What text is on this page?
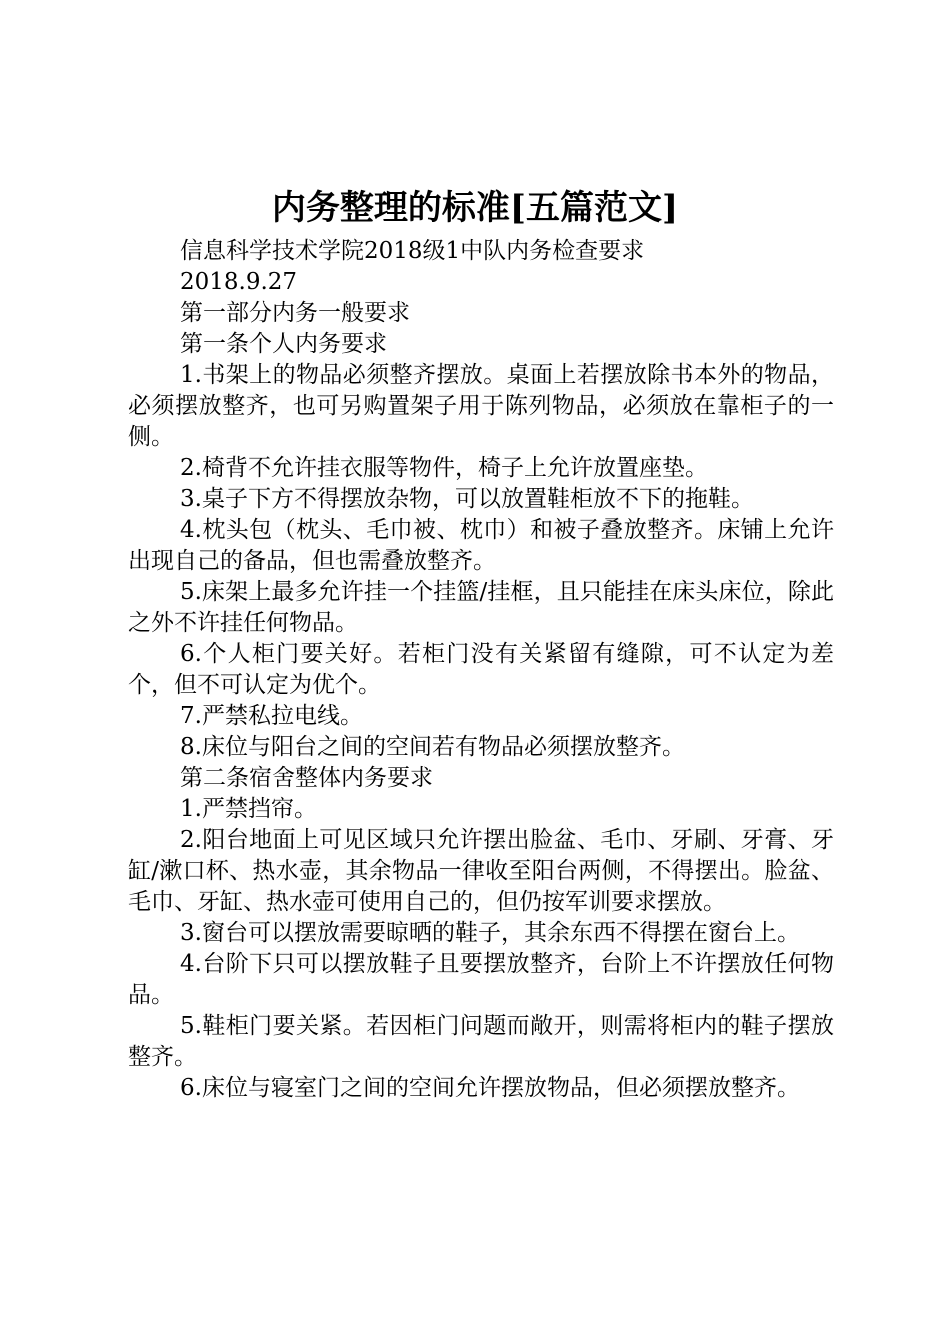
内务整理的标准[五篇范文]

信息科学技术学院2018级1中队内务检查要求

2018.9.27

第一部分内务一般要求

第一条个人内务要求

1.书架上的物品必须整齐摆放。桌面上若摆放除书本外的物品，必须摆放整齐，也可另购置架子用于陈列物品，必须放在靠柜子的一侧。

2.椅背不允许挂衣服等物件，椅子上允许放置座垫。

3.桌子下方不得摆放杂物，可以放置鞋柜放不下的拖鞋。

4.枕头包（枕头、毛巾被、枕巾）和被子叠放整齐。床铺上允许出现自己的备品，但也需叠放整齐。

5.床架上最多允许挂一个挂篮/挂框，且只能挂在床头床位，除此之外不许挂任何物品。

6.个人柜门要关好。若柜门没有关紧留有缝隙，可不认定为差个，但不可认定为优个。

7.严禁私拉电线。

8.床位与阳台之间的空间若有物品必须摆放整齐。

第二条宿舍整体内务要求

1.严禁挡帘。

2.阳台地面上可见区域只允许摆出脸盆、毛巾、牙刷、牙膏、牙缸/漱口杯、热水壶，其余物品一律收至阳台两侧，不得摆出。脸盆、毛巾、牙缸、热水壶可使用自己的，但仍按军训要求摆放。

3.窗台可以摆放需要晾晒的鞋子，其余东西不得摆在窗台上。

4.台阶下只可以摆放鞋子且要摆放整齐，台阶上不许摆放任何物品。

5.鞋柜门要关紧。若因柜门问题而敞开，则需将柜内的鞋子摆放整齐。

6.床位与寝室门之间的空间允许摆放物品，但必须摆放整齐。
